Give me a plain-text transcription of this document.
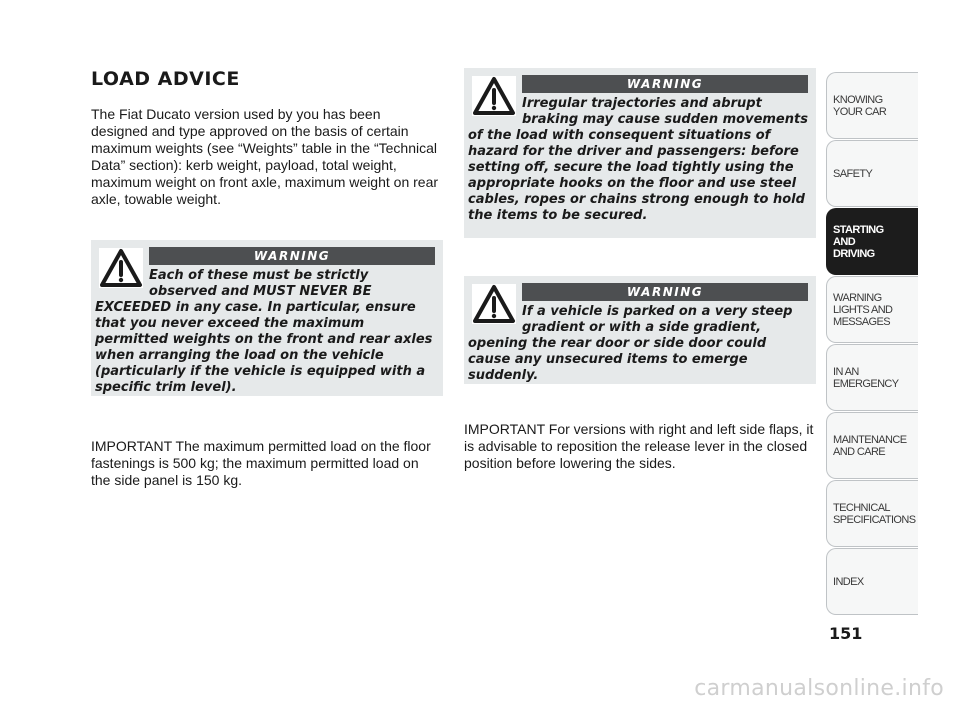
LOAD ADVICE

The Fiat Ducato version used by you has been designed and type approved on the basis of certain maximum weights (see “Weights” table in the “Technical Data” section): kerb weight, payload, total weight, maximum weight on front axle, maximum weight on rear axle, towable weight.

WARNING

Each of these must be strictly observed and MUST NEVER BE EXCEEDED in any case. In particular, ensure that you never exceed the maximum permitted weights on the front and rear axles when arranging the load on the vehicle (particularly if the vehicle is equipped with a specific trim level).

WARNING

Irregular trajectories and abrupt braking may cause sudden movements of the load with consequent situations of hazard for the driver and passengers: before setting off, secure the load tightly using the appropriate hooks on the floor and use steel cables, ropes or chains strong enough to hold the items to be secured.

WARNING

If a vehicle is parked on a very steep gradient or with a side gradient, opening the rear door or side door could cause any unsecured items to emerge suddenly.

IMPORTANT The maximum permitted load on the floor fastenings is 500 kg; the maximum permitted load on the side panel is 150 kg.

IMPORTANT For versions with right and left side flaps, it is advisable to reposition the release lever in the closed position before lowering the sides.

KNOWING
YOUR CAR
SAFETY
STARTING
AND
DRIVING
WARNING
LIGHTS AND
MESSAGES
IN AN
EMERGENCY
MAINTENANCE
AND CARE
TECHNICAL
SPECIFICATIONS
INDEX
151
carmanualsonline.info
